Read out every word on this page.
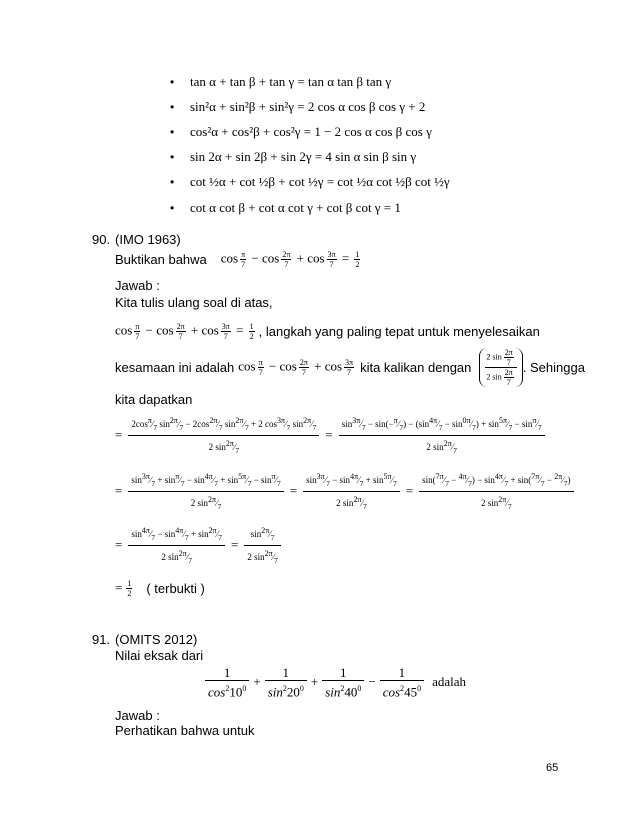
• tan α + tan β + tan γ = tan α tan β tan γ
• sin²α + sin²β + sin²γ = 2 cos α cos β cos γ + 2
• cos²α + cos²β + cos²γ = 1 − 2 cos α cos β cos γ
• sin 2α + sin 2β + sin 2γ = 4 sin α sin β sin γ
• cot ½α + cot ½β + cot ½γ = cot ½α cot ½β cot ½γ
• cot α cot β + cot α cot γ + cot β cot γ = 1
90. (IMO 1963)
Buktikan bahwa $\cos \frac{\pi}{7} - \cos \frac{2\pi}{7} + \cos \frac{3\pi}{7} = \frac{1}{2}$
Jawab :
Kita tulis ulang soal di atas,
$\cos \frac{\pi}{7} - \cos \frac{2\pi}{7} + \cos \frac{3\pi}{7} = \frac{1}{2}$ , langkah yang paling tepat untuk menyelesaikan
kesamaan ini adalah $\cos \frac{\pi}{7} - \cos \frac{2\pi}{7} + \cos \frac{3\pi}{7}$ kita kalikan dengan $\frac{2 \sin \frac{2\pi}{7}}{2 \sin \frac{2\pi}{7}}$ . Sehingga
kita dapatkan
= $\frac{2\cos^\pi⁄_7 \sin^{2\pi}⁄_7 - 2\cos^{2\pi}⁄_7 \sin^{2\pi}⁄_7 + 2 \cos^{3\pi}⁄_7 \sin^{2\pi}⁄_7}{2 \sin^{2\pi}⁄_7} = \frac{\sin^{3\pi}⁄_7 - \sin(-^\pi⁄_7) - (\sin^{4\pi}⁄_7 - \sin^{0\pi}⁄_7) + \sin^{5\pi}⁄_7 - \sin^\pi⁄_7}{2 \sin^{2\pi}⁄_7}$
= $\frac{\sin^{3\pi}⁄_7 + \sin^\pi⁄_7 - \sin^{4\pi}⁄_7 + \sin^{5\pi}⁄_7 - \sin^\pi⁄_7}{2 \sin^{2\pi}⁄_7} = \frac{\sin^{3\pi}⁄_7 - \sin^{4\pi}⁄_7 + \sin^{5\pi}⁄_7}{2 \sin^{2\pi}⁄_7} = \frac{\sin(^{7\pi}⁄_7 - ^{4\pi}⁄_7) - \sin^{4\pi}⁄_7 + \sin(^{7\pi}⁄_7 - ^{2\pi}⁄_7)}{2 \sin^{2\pi}⁄_7}$
= $\frac{\sin^{4\pi}⁄_7 - \sin^{4\pi}⁄_7 + \sin^{2\pi}⁄_7}{2 \sin^{2\pi}⁄_7} = \frac{\sin^{2\pi}⁄_7}{2 \sin^{2\pi}⁄_7}$
= $\frac{1}{2}$ ( terbukti )
91. (OMITS 2012)
Nilai eksak dari
1
$\cos^210^0 + \frac{1}{\sin^220^0} + \frac{1}{\sin^240^0} - \frac{1}{\cos^245^0}$ adalah
Jawab :
Perhatikan bahwa untuk
65
